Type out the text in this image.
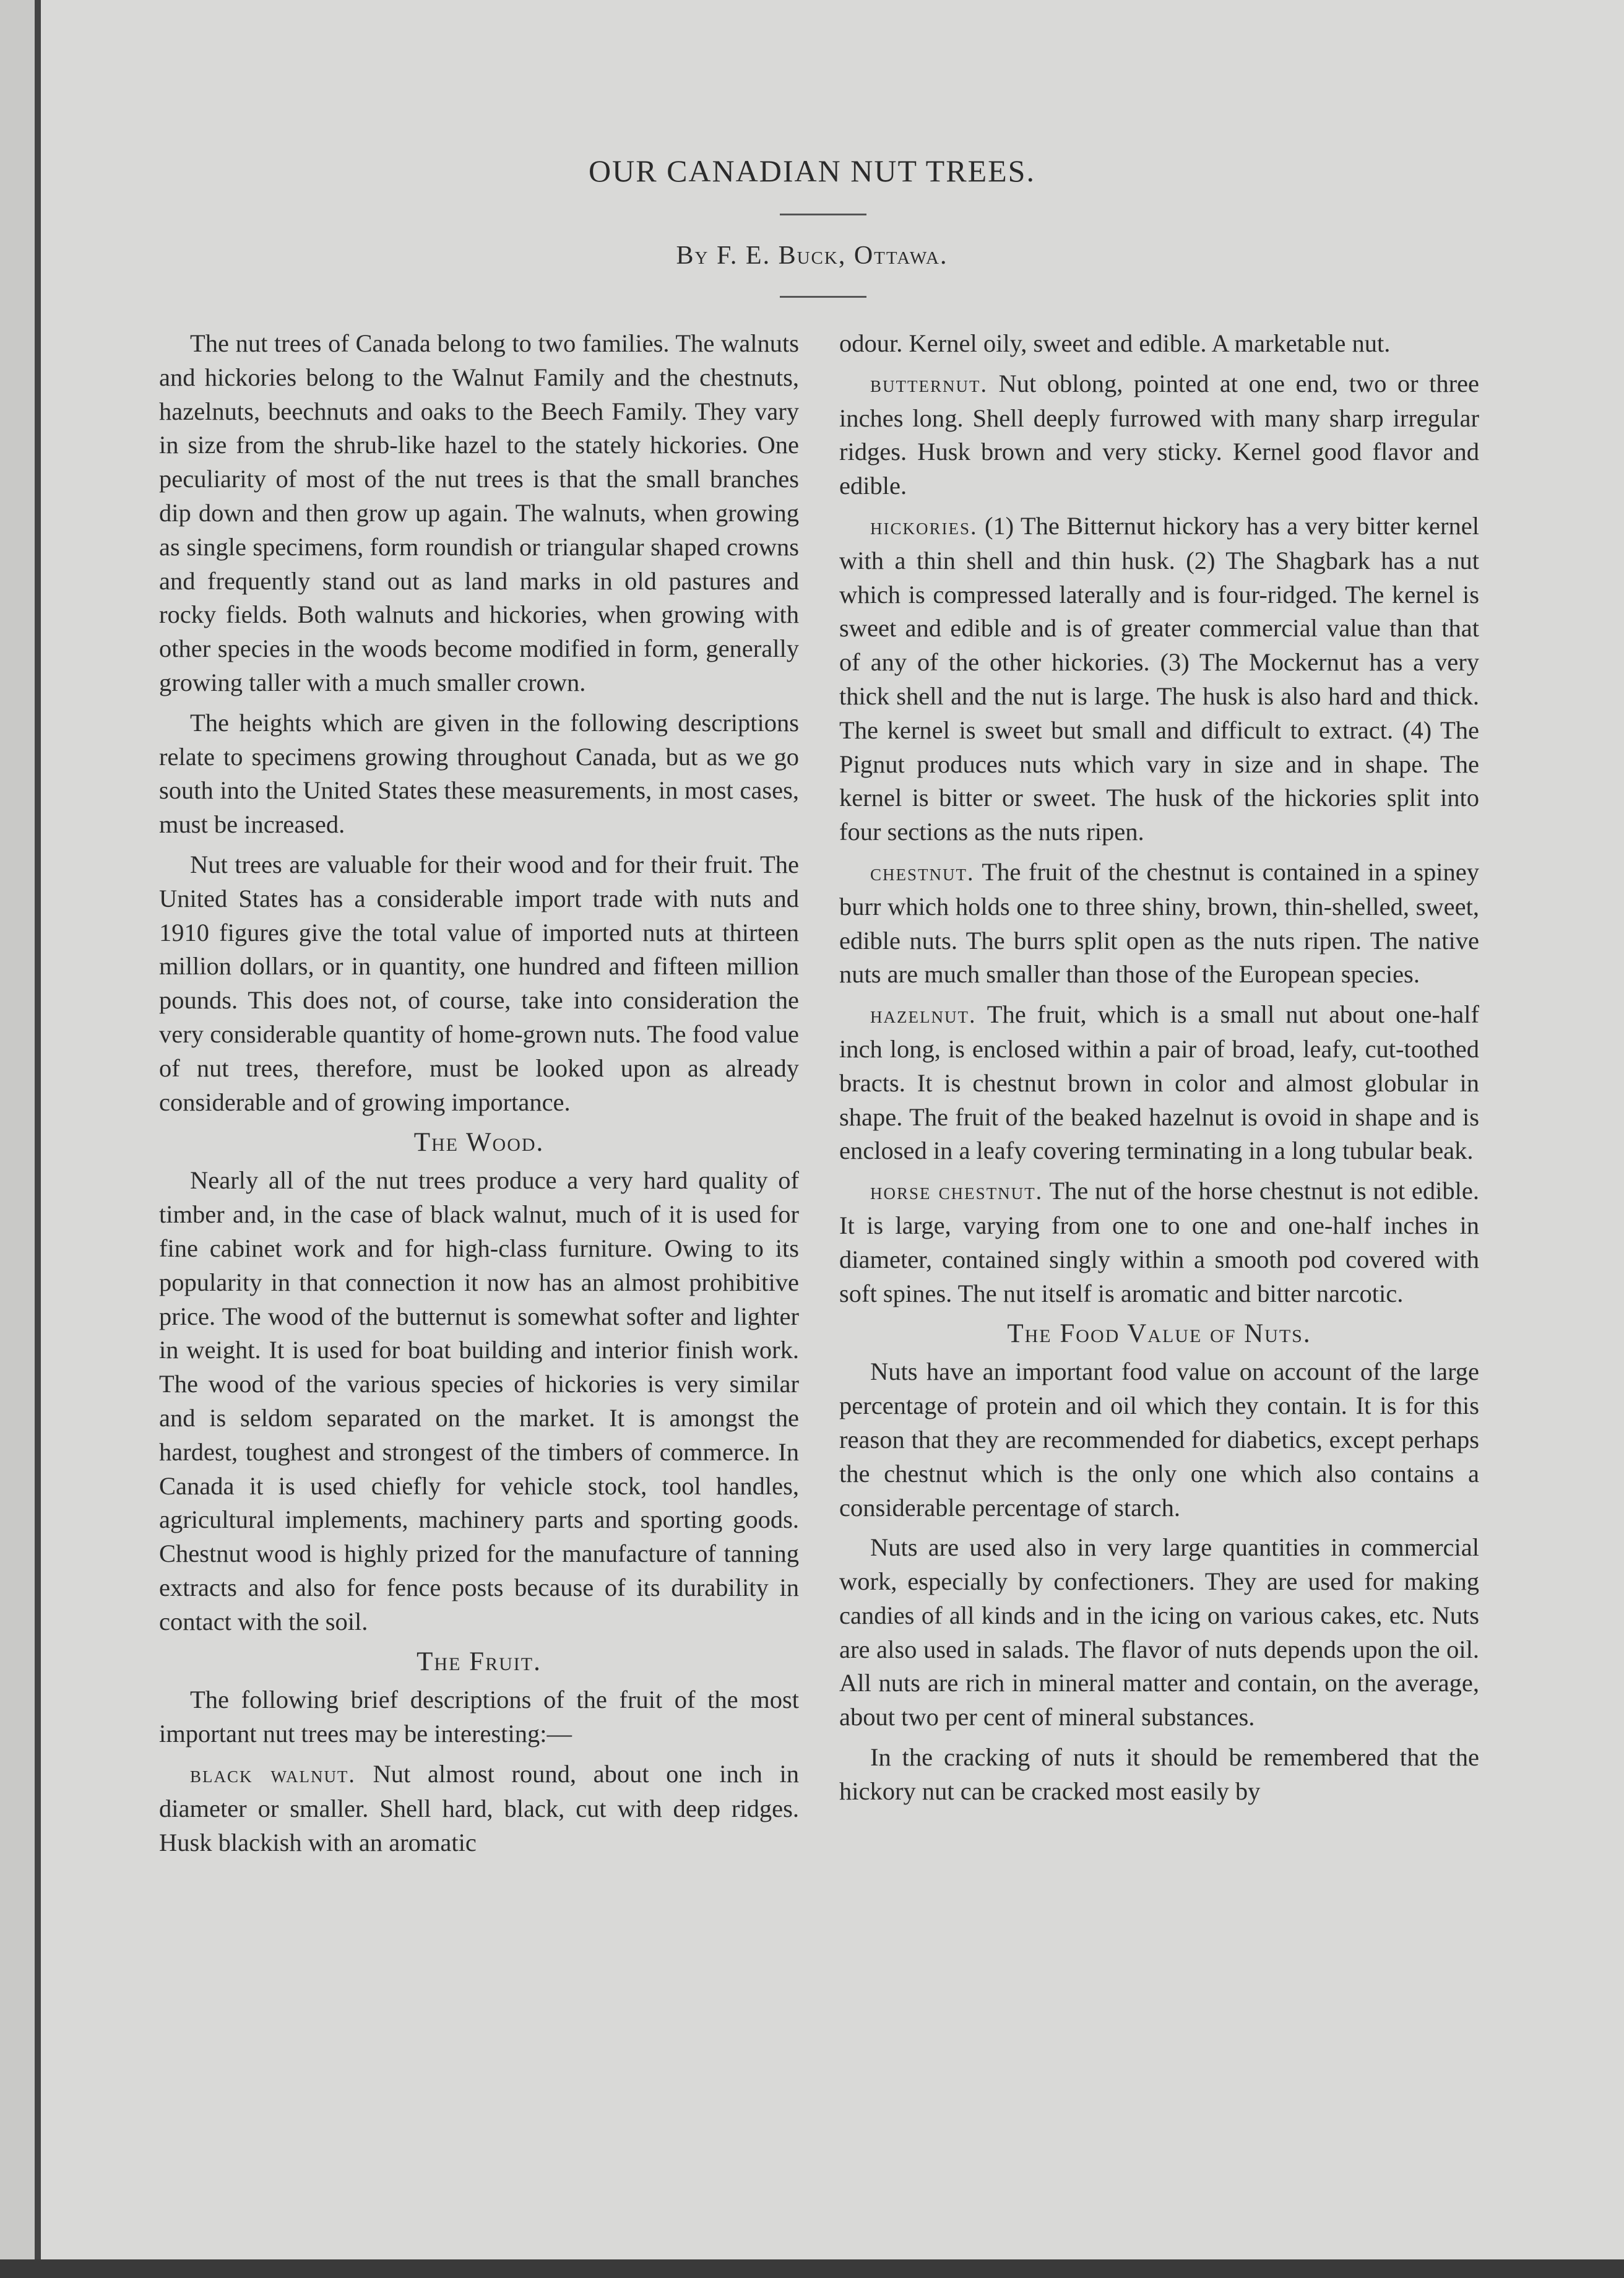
OUR CANADIAN NUT TREES.
By F. E. Buck, Ottawa.

The nut trees of Canada belong to two families. The walnuts and hickories belong to the Walnut Family and the chestnuts, hazelnuts, beechnuts and oaks to the Beech Family. They vary in size from the shrub-like hazel to the stately hickories. One peculiarity of most of the nut trees is that the small branches dip down and then grow up again. The walnuts, when growing as single specimens, form roundish or triangular shaped crowns and frequently stand out as land marks in old pastures and rocky fields. Both walnuts and hickories, when growing with other species in the woods become modified in form, generally growing taller with a much smaller crown.

The heights which are given in the following descriptions relate to specimens growing throughout Canada, but as we go south into the United States these measurements, in most cases, must be increased.

Nut trees are valuable for their wood and for their fruit. The United States has a considerable import trade with nuts and 1910 figures give the total value of imported nuts at thirteen million dollars, or in quantity, one hundred and fifteen million pounds. This does not, of course, take into consideration the very considerable quantity of home-grown nuts. The food value of nut trees, therefore, must be looked upon as already considerable and of growing importance.

The Wood.

Nearly all of the nut trees produce a very hard quality of timber and, in the case of black walnut, much of it is used for fine cabinet work and for high-class furniture. Owing to its popularity in that connection it now has an almost prohibitive price. The wood of the butternut is somewhat softer and lighter in weight. It is used for boat building and interior finish work. The wood of the various species of hickories is very similar and is seldom separated on the market. It is amongst the hardest, toughest and strongest of the timbers of commerce. In Canada it is used chiefly for vehicle stock, tool handles, agricultural implements, machinery parts and sporting goods. Chestnut wood is highly prized for the manufacture of tanning extracts and also for fence posts because of its durability in contact with the soil.

The Fruit.

The following brief descriptions of the fruit of the most important nut trees may be interesting:—

black walnut. Nut almost round, about one inch in diameter or smaller. Shell hard, black, cut with deep ridges. Husk blackish with an aromatic

odour. Kernel oily, sweet and edible. A marketable nut.

butternut. Nut oblong, pointed at one end, two or three inches long. Shell deeply furrowed with many sharp irregular ridges. Husk brown and very sticky. Kernel good flavor and edible.

hickories. (1) The Bitternut hickory has a very bitter kernel with a thin shell and thin husk. (2) The Shagbark has a nut which is compressed laterally and is four-ridged. The kernel is sweet and edible and is of greater commercial value than that of any of the other hickories. (3) The Mockernut has a very thick shell and the nut is large. The husk is also hard and thick. The kernel is sweet but small and difficult to extract. (4) The Pignut produces nuts which vary in size and in shape. The kernel is bitter or sweet. The husk of the hickories split into four sections as the nuts ripen.

chestnut. The fruit of the chestnut is contained in a spiney burr which holds one to three shiny, brown, thin-shelled, sweet, edible nuts. The burrs split open as the nuts ripen. The native nuts are much smaller than those of the European species.

hazelnut. The fruit, which is a small nut about one-half inch long, is enclosed within a pair of broad, leafy, cut-toothed bracts. It is chestnut brown in color and almost globular in shape. The fruit of the beaked hazelnut is ovoid in shape and is enclosed in a leafy covering terminating in a long tubular beak.

horse chestnut. The nut of the horse chestnut is not edible. It is large, varying from one to one and one-half inches in diameter, contained singly within a smooth pod covered with soft spines. The nut itself is aromatic and bitter narcotic.

The Food Value of Nuts.

Nuts have an important food value on account of the large percentage of protein and oil which they contain. It is for this reason that they are recommended for diabetics, except perhaps the chestnut which is the only one which also contains a considerable percentage of starch.

Nuts are used also in very large quantities in commercial work, especially by confectioners. They are used for making candies of all kinds and in the icing on various cakes, etc. Nuts are also used in salads. The flavor of nuts depends upon the oil. All nuts are rich in mineral matter and contain, on the average, about two per cent of mineral substances.

In the cracking of nuts it should be remembered that the hickory nut can be cracked most easily by
